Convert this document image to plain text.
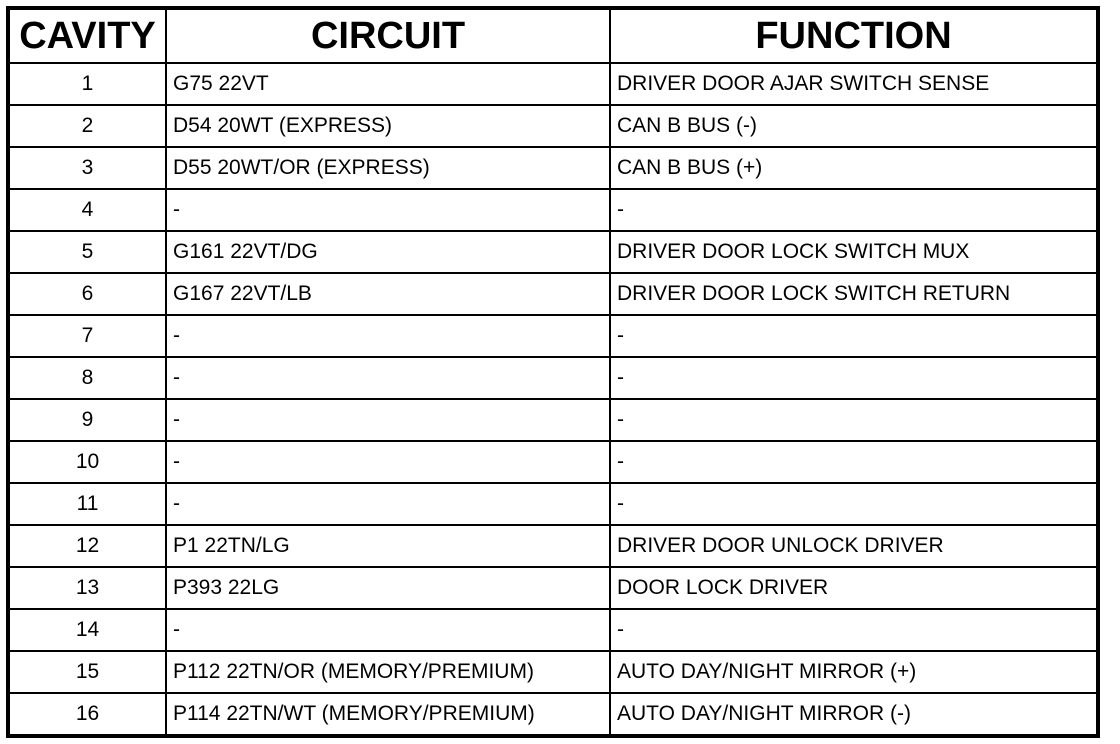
CAVITY	CIRCUIT	FUNCTION
1	G75 22VT	DRIVER DOOR AJAR SWITCH SENSE
2	D54 20WT (EXPRESS)	CAN B BUS (-)
3	D55 20WT/OR (EXPRESS)	CAN B BUS (+)
4	-	-
5	G161 22VT/DG	DRIVER DOOR LOCK SWITCH MUX
6	G167 22VT/LB	DRIVER DOOR LOCK SWITCH RETURN
7	-	-
8	-	-
9	-	-
10	-	-
11	-	-
12	P1 22TN/LG	DRIVER DOOR UNLOCK DRIVER
13	P393 22LG	DOOR LOCK DRIVER
14	-	-
15	P112 22TN/OR (MEMORY/PREMIUM)	AUTO DAY/NIGHT MIRROR (+)
16	P114 22TN/WT (MEMORY/PREMIUM)	AUTO DAY/NIGHT MIRROR (-)
